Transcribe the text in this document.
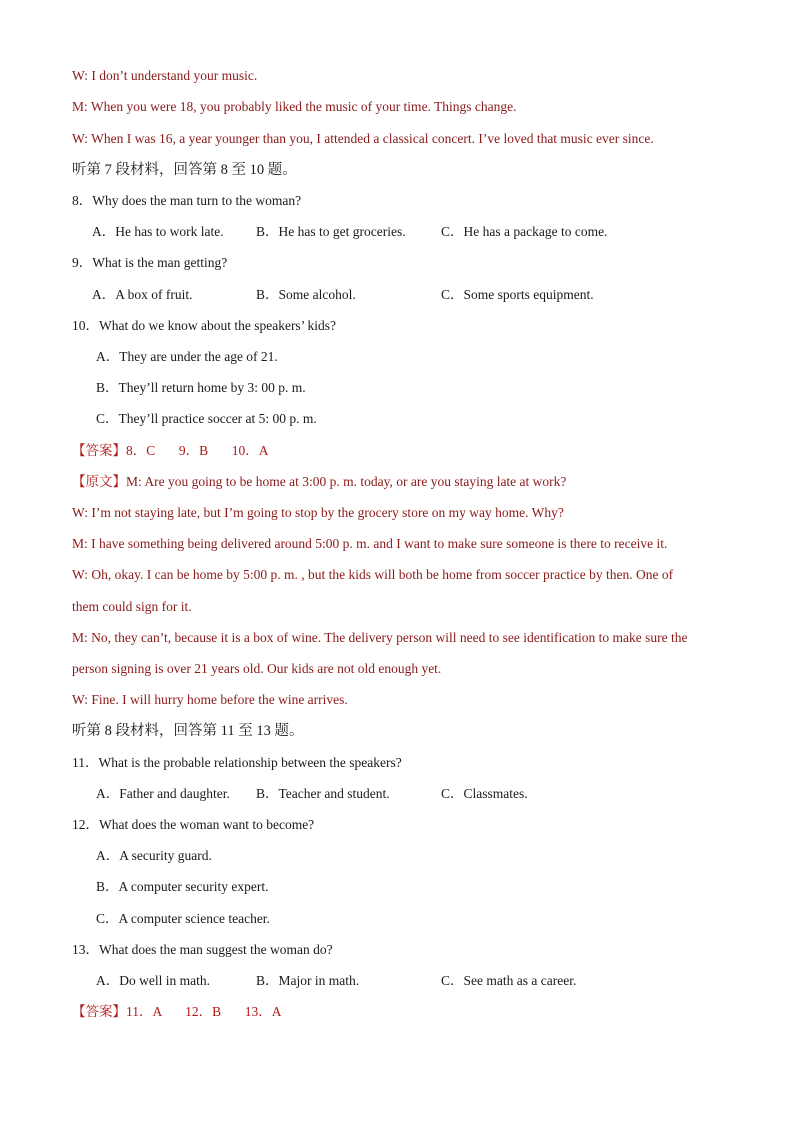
W: I don’t understand your music.
M: When you were 18, you probably liked the music of your time. Things change.
W: When I was 16, a year younger than you, I attended a classical concert. I’ve loved that music ever since.
听第 7 段材料，回答第 8 至 10 题。
8．Why does the man turn to the woman?
A．He has to work late. B．He has to get groceries.	C．He has a package to come.
9．What is the man getting?
A．A box of fruit.	B．Some alcohol.	C．Some sports equipment.
10．What do we know about the speakers’ kids?
A．They are under the age of 21.
B．They’ll return home by 3: 00 p. m.
C．They’ll practice soccer at 5: 00 p. m.
【答案】8．C       9．B       10．A
【原文】M: Are you going to be home at 3:00 p. m. today, or are you staying late at work?
W: I’m not staying late, but I’m going to stop by the grocery store on my way home. Why?
M: I have something being delivered around 5:00 p. m. and I want to make sure someone is there to receive it.
W: Oh, okay. I can be home by 5:00 p. m. , but the kids will both be home from soccer practice by then. One of
them could sign for it.
M: No, they can’t, because it is a box of wine. The delivery person will need to see identification to make sure the
person signing is over 21 years old. Our kids are not old enough yet.
W: Fine. I will hurry home before the wine arrives.
听第 8 段材料，回答第 11 至 13 题。
11．What is the probable relationship between the speakers?
A．Father and daughter. B．Teacher and student.	C．Classmates.
12．What does the woman want to become?
A．A security guard.
B．A computer security expert.
C．A computer science teacher.
13．What does the man suggest the woman do?
A．Do well in math.	B．Major in math.	C．See math as a career.
【答案】11．A       12．B       13．A
